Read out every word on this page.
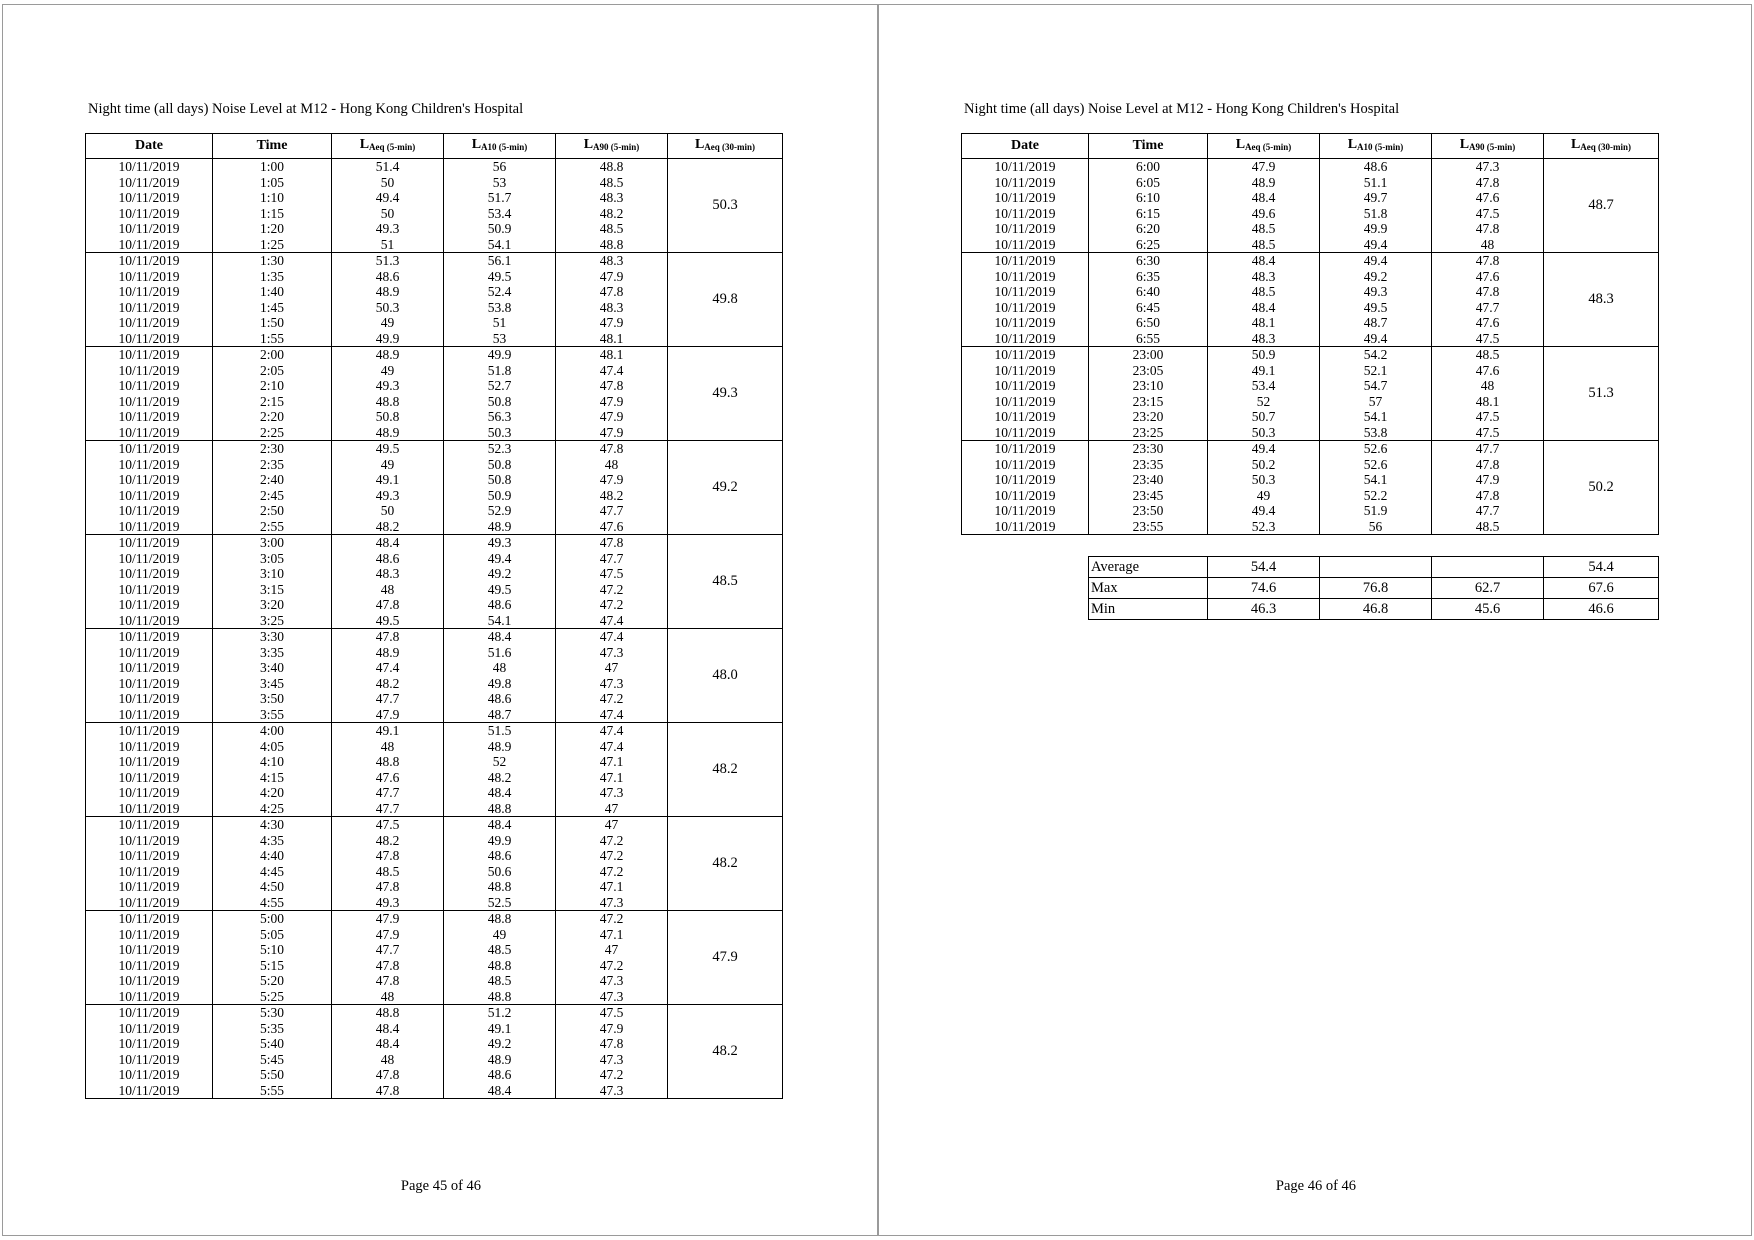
Night time (all days) Noise Level at M12 - Hong Kong Children's Hospital
Date	Time	$L_{Aeq (5-min)}$	$L_{A10 (5-min)}$	$L_{A90 (5-min)}$	$L_{Aeq (30-min)}$
10/11/2019	1:00	51.4	56	48.8	50.3
10/11/2019	1:05	50	53	48.5	
10/11/2019	1:10	49.4	51.7	48.3	
10/11/2019	1:15	50	53.4	48.2	
10/11/2019	1:20	49.3	50.9	48.5	
10/11/2019	1:25	51	54.1	48.8	
10/11/2019	1:30	51.3	56.1	48.3	49.8
10/11/2019	1:35	48.6	49.5	47.9	
10/11/2019	1:40	48.9	52.4	47.8	
10/11/2019	1:45	50.3	53.8	48.3	
10/11/2019	1:50	49	51	47.9	
10/11/2019	1:55	49.9	53	48.1	
10/11/2019	2:00	48.9	49.9	48.1	49.3
10/11/2019	2:05	49	51.8	47.4	
10/11/2019	2:10	49.3	52.7	47.8	
10/11/2019	2:15	48.8	50.8	47.9	
10/11/2019	2:20	50.8	56.3	47.9	
10/11/2019	2:25	48.9	50.3	47.9	
10/11/2019	2:30	49.5	52.3	47.8	49.2
10/11/2019	2:35	49	50.8	48	
10/11/2019	2:40	49.1	50.8	47.9	
10/11/2019	2:45	49.3	50.9	48.2	
10/11/2019	2:50	50	52.9	47.7	
10/11/2019	2:55	48.2	48.9	47.6	
10/11/2019	3:00	48.4	49.3	47.8	48.5
10/11/2019	3:05	48.6	49.4	47.7	
10/11/2019	3:10	48.3	49.2	47.5	
10/11/2019	3:15	48	49.5	47.2	
10/11/2019	3:20	47.8	48.6	47.2	
10/11/2019	3:25	49.5	54.1	47.4	
10/11/2019	3:30	47.8	48.4	47.4	48.0
10/11/2019	3:35	48.9	51.6	47.3	
10/11/2019	3:40	47.4	48	47	
10/11/2019	3:45	48.2	49.8	47.3	
10/11/2019	3:50	47.7	48.6	47.2	
10/11/2019	3:55	47.9	48.7	47.4	
10/11/2019	4:00	49.1	51.5	47.4	48.2
10/11/2019	4:05	48	48.9	47.4	
10/11/2019	4:10	48.8	52	47.1	
10/11/2019	4:15	47.6	48.2	47.1	
10/11/2019	4:20	47.7	48.4	47.3	
10/11/2019	4:25	47.7	48.8	47	
10/11/2019	4:30	47.5	48.4	47	48.2
10/11/2019	4:35	48.2	49.9	47.2	
10/11/2019	4:40	47.8	48.6	47.2	
10/11/2019	4:45	48.5	50.6	47.2	
10/11/2019	4:50	47.8	48.8	47.1	
10/11/2019	4:55	49.3	52.5	47.3	
10/11/2019	5:00	47.9	48.8	47.2	47.9
10/11/2019	5:05	47.9	49	47.1	
10/11/2019	5:10	47.7	48.5	47	
10/11/2019	5:15	47.8	48.8	47.2	
10/11/2019	5:20	47.8	48.5	47.3	
10/11/2019	5:25	48	48.8	47.3	
10/11/2019	5:30	48.8	51.2	47.5	48.2
10/11/2019	5:35	48.4	49.1	47.9	
10/11/2019	5:40	48.4	49.2	47.8	
10/11/2019	5:45	48	48.9	47.3	
10/11/2019	5:50	47.8	48.6	47.2	
10/11/2019	5:55	47.8	48.4	47.3	
Page 45 of 46
Night time (all days) Noise Level at M12 - Hong Kong Children's Hospital
Date	Time	$L_{Aeq (5-min)}$	$L_{A10 (5-min)}$	$L_{A90 (5-min)}$	$L_{Aeq (30-min)}$
10/11/2019	6:00	47.9	48.6	47.3	48.7
10/11/2019	6:05	48.9	51.1	47.8	
10/11/2019	6:10	48.4	49.7	47.6	
10/11/2019	6:15	49.6	51.8	47.5	
10/11/2019	6:20	48.5	49.9	47.8	
10/11/2019	6:25	48.5	49.4	48	
10/11/2019	6:30	48.4	49.4	47.8	48.3
10/11/2019	6:35	48.3	49.2	47.6	
10/11/2019	6:40	48.5	49.3	47.8	
10/11/2019	6:45	48.4	49.5	47.7	
10/11/2019	6:50	48.1	48.7	47.6	
10/11/2019	6:55	48.3	49.4	47.5	
10/11/2019	23:00	50.9	54.2	48.5	51.3
10/11/2019	23:05	49.1	52.1	47.6	
10/11/2019	23:10	53.4	54.7	48	
10/11/2019	23:15	52	57	48.1	
10/11/2019	23:20	50.7	54.1	47.5	
10/11/2019	23:25	50.3	53.8	47.5	
10/11/2019	23:30	49.4	52.6	47.7	50.2
10/11/2019	23:35	50.2	52.6	47.8	
10/11/2019	23:40	50.3	54.1	47.9	
10/11/2019	23:45	49	52.2	47.8	
10/11/2019	23:50	49.4	51.9	47.7	
10/11/2019	23:55	52.3	56	48.5	
Average	54.4			54.4
Max	74.6	76.8	62.7	67.6
Min	46.3	46.8	45.6	46.6
Page 46 of 46
